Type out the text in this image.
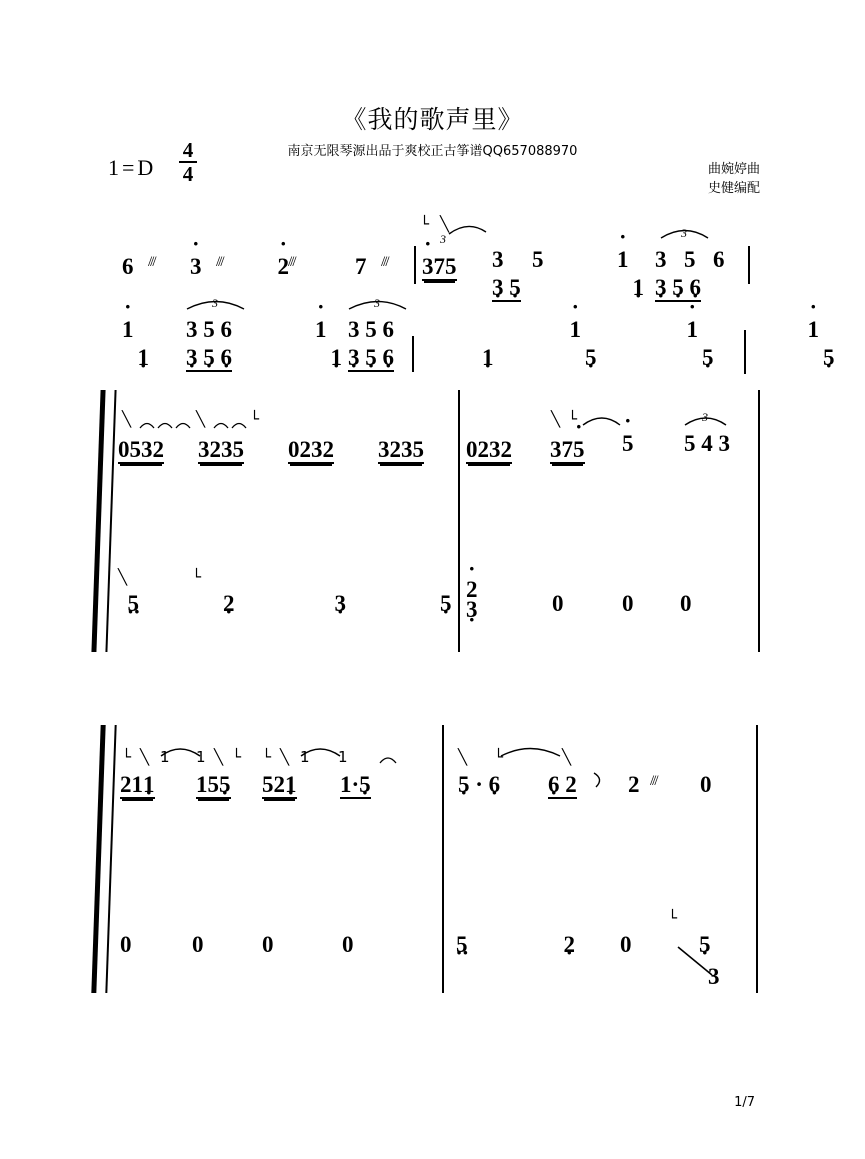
《我的歌声里》
南京无限琴源出品于爽校正古筝谱QQ657088970
1 = D
4
4	曲婉婷曲
史健编配
6 /// · 3 /// · 2 ///	7 ///
└ ╲
3
· 375 3 5	· 1
3
3 5 6
3 · 5 ·	1 · 3 · 5 · 6 ·
· 1 1 ·
3
3 5 6
3 · 5 · 6 ·
· 1 1 ·
3
3 5 6
3 · 5 · 6 ·	1 · · 1 5 · · 1 5 · · 1 5 ·
╲	╲	└
0532 3235 0232 3235 0232
╲ └
37· 5 · 5
3
5 4 3
╲
5 ··
└
2 ·	3 ·	5 ·
· 2
3 ·	0	0 0
└ ╲ 1 1 ╲ └ └ ╲ 1 1
211 · 155 · 521 · 1·5 ·
╲ └	╲
5 · · 6 · 6 · 2 2 /// 0
0	0	0	0	5 ··	2 · 0
└
5 ·
3
1/7
